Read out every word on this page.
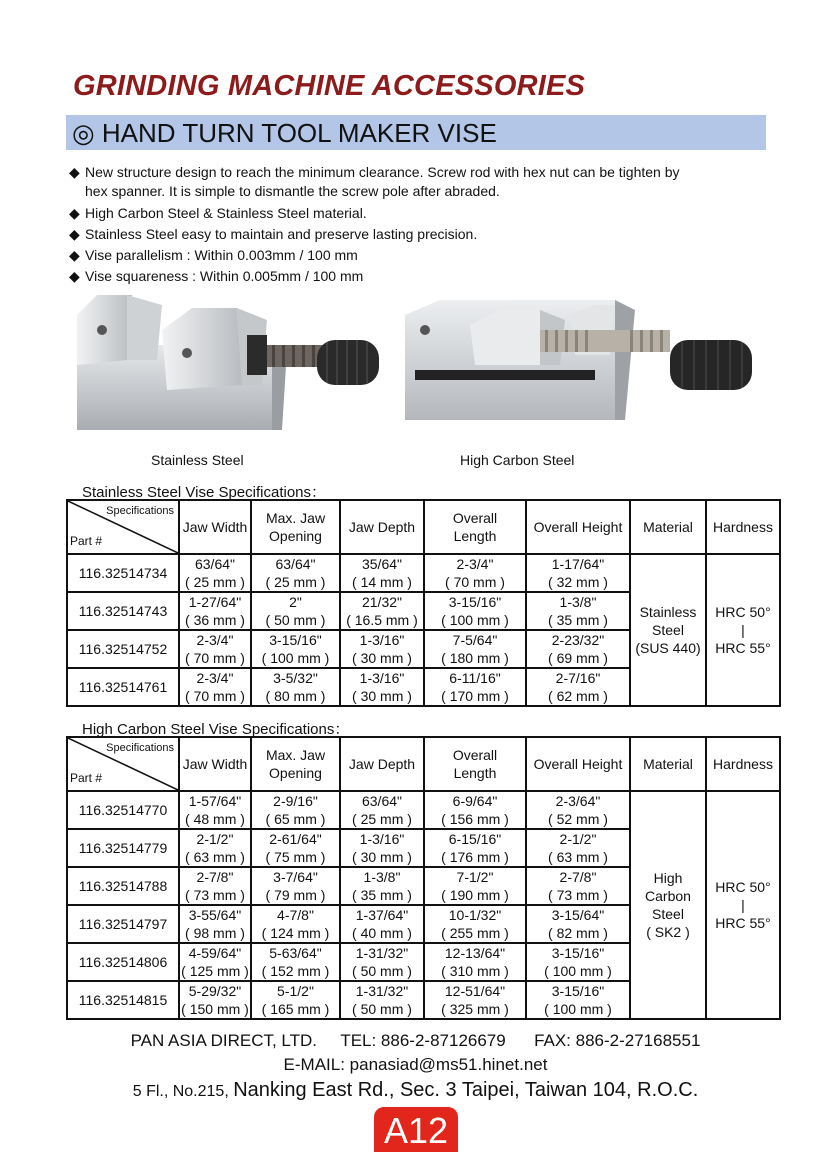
GRINDING MACHINE ACCESSORIES
◎ HAND TURN TOOL MAKER VISE
◆ New structure design to reach the minimum clearance. Screw rod with hex nut can be tighten by
hex spanner. It is simple to dismantle the screw pole after abraded.
◆ High Carbon Steel & Stainless Steel material.
◆ Stainless Steel easy to maintain and preserve lasting precision.
◆ Vise parallelism : Within 0.003mm / 100 mm
◆ Vise squareness : Within 0.005mm / 100 mm
Stainless Steel	High Carbon Steel
Stainless Steel Vise Specifications：
Specifications
Part #	Jaw Width	Max. Jaw
Opening	Jaw Depth	Overall
Length	Overall Height	Material	Hardness
116.32514734	63/64"
( 25 mm )	63/64"
( 25 mm )	35/64"
( 14 mm )	2-3/4"
( 70 mm )	1-17/64"
( 32 mm )	Stainless
Steel
(SUS 440)	HRC 50°
|
HRC 55°
116.32514743	1-27/64"
( 36 mm )	2"
( 50 mm )	21/32"
( 16.5 mm )	3-15/16"
( 100 mm )	1-3/8"
( 35 mm )		
116.32514752	2-3/4"
( 70 mm )	3-15/16"
( 100 mm )	1-3/16"
( 30 mm )	7-5/64"
( 180 mm )	2-23/32"
( 69 mm )		
116.32514761	2-3/4"
( 70 mm )	3-5/32"
( 80 mm )	1-3/16"
( 30 mm )	6-11/16"
( 170 mm )	2-7/16"
( 62 mm )		
High Carbon Steel Vise Specifications：
Specifications
Part #	Jaw Width	Max. Jaw
Opening	Jaw Depth	Overall
Length	Overall Height	Material	Hardness
116.32514770	1-57/64"
( 48 mm )	2-9/16"
( 65 mm )	63/64"
( 25 mm )	6-9/64"
( 156 mm )	2-3/64"
( 52 mm )	High
Carbon
Steel
( SK2 )	HRC 50°
|
HRC 55°
116.32514779	2-1/2"
( 63 mm )	2-61/64"
( 75 mm )	1-3/16"
( 30 mm )	6-15/16"
( 176 mm )	2-1/2"
( 63 mm )		
116.32514788	2-7/8"
( 73 mm )	3-7/64"
( 79 mm )	1-3/8"
( 35 mm )	7-1/2"
( 190 mm )	2-7/8"
( 73 mm )		
116.32514797	3-55/64"
( 98 mm )	4-7/8"
( 124 mm )	1-37/64"
( 40 mm )	10-1/32"
( 255 mm )	3-15/64"
( 82 mm )		
116.32514806	4-59/64"
( 125 mm )	5-63/64"
( 152 mm )	1-31/32"
( 50 mm )	12-13/64"
( 310 mm )	3-15/16"
( 100 mm )		
116.32514815	5-29/32"
( 150 mm )	5-1/2"
( 165 mm )	1-31/32"
( 50 mm )	12-51/64"
( 325 mm )	3-15/16"
( 100 mm )		
PAN ASIA DIRECT, LTD. TEL: 886-2-87126679 FAX: 886-2-27168551
E-MAIL: panasiad@ms51.hinet.net
5 Fl., No.215, Nanking East Rd., Sec. 3 Taipei, Taiwan 104, R.O.C.
A12
